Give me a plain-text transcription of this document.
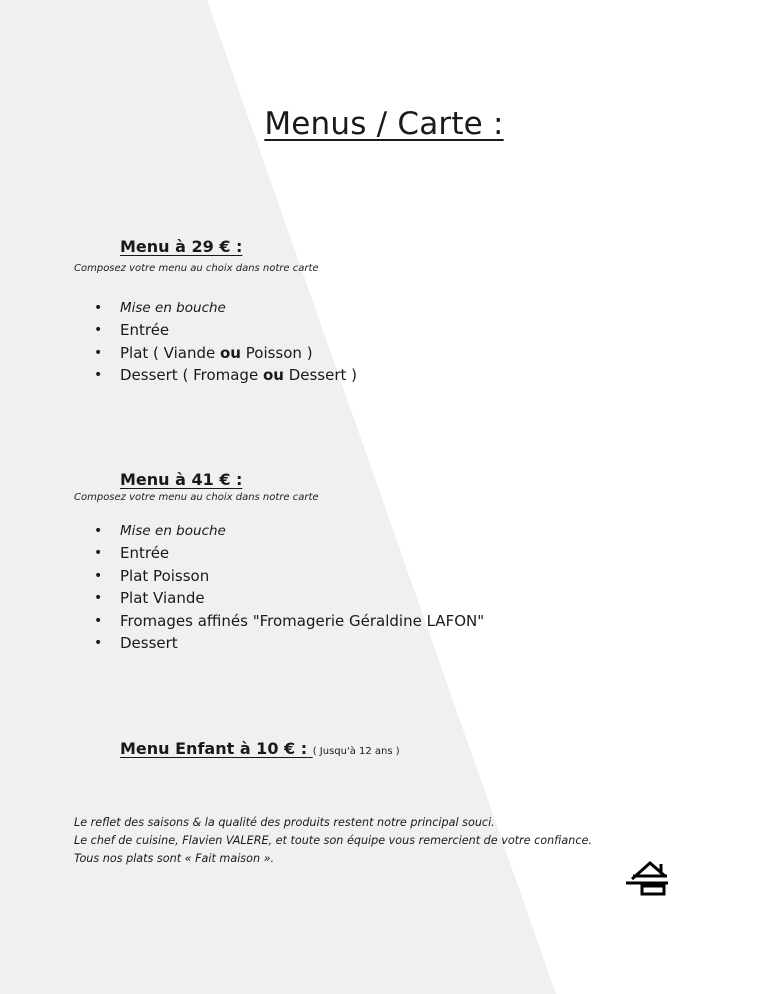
Menus / Carte :
Menu à 29 € :

Composez votre menu au choix dans notre carte

• Mise en bouche
• Entrée
• Plat ( Viande ou Poisson )
• Dessert ( Fromage ou Dessert )
Menu à 41 € :

Composez votre menu au choix dans notre carte

• Mise en bouche
• Entrée
• Plat Poisson
• Plat Viande
• Fromages affinés "Fromagerie Géraldine LAFON"
• Dessert
Menu Enfant à 10 € : ( Jusqu'à 12 ans )

Le reflet des saisons & la qualité des produits restent notre principal souci.

Le chef de cuisine, Flavien VALERE, et toute son équipe vous remercient de votre confiance.

Tous nos plats sont « Fait maison ».
